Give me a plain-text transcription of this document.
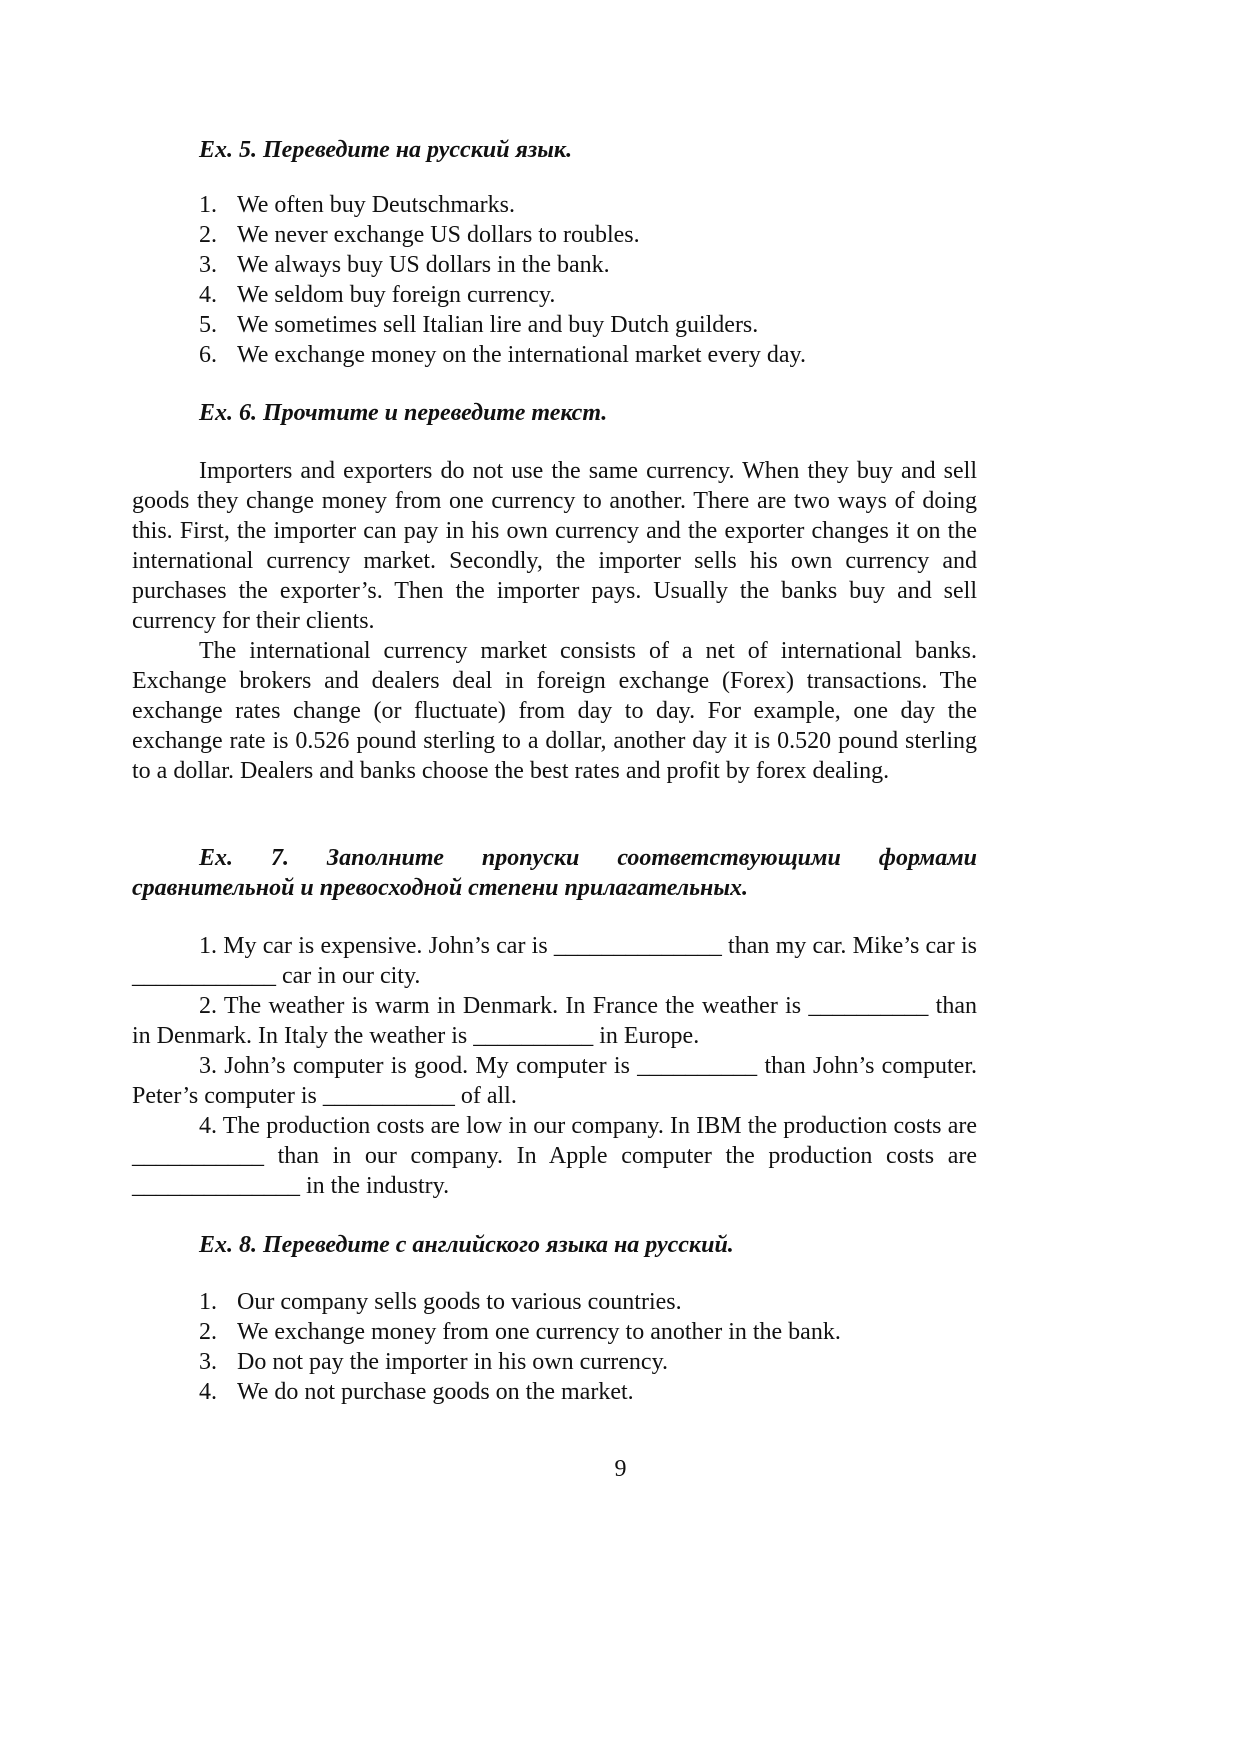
Ex. 5. Переведите на русский язык.
1. We often buy Deutschmarks.
2. We never exchange US dollars to roubles.
3. We always buy US dollars in the bank.
4. We seldom buy foreign currency.
5. We sometimes sell Italian lire and buy Dutch guilders.
6. We exchange money on the international market every day.
Ex. 6. Прочтите и переведите текст.

Importers and exporters do not use the same currency. When they buy and sell goods they change money from one currency to another. There are two ways of doing this. First, the importer can pay in his own currency and the exporter changes it on the international currency market. Secondly, the importer sells his own currency and purchases the exporter’s. Then the importer pays. Usually the banks buy and sell currency for their clients.

The international currency market consists of a net of international banks. Exchange brokers and dealers deal in foreign exchange (Forex) transactions. The exchange rates change (or fluctuate) from day to day. For example, one day the exchange rate is 0.526 pound sterling to a dollar, another day it is 0.520 pound sterling to a dollar. Dealers and banks choose the best rates and profit by forex dealing.

Ex. 7. Заполните пропуски соответствующими формами сравнительной и превосходной степени прилагательных.

1. My car is expensive. John’s car is ______________ than my car. Mike’s car is ____________ car in our city.

2. The weather is warm in Denmark. In France the weather is __________ than in Denmark. In Italy the weather is __________ in Europe.

3. John’s computer is good. My computer is __________ than John’s computer. Peter’s computer is ___________ of all.

4. The production costs are low in our company. In IBM the production costs are ___________ than in our company. In Apple computer the production costs are ______________ in the industry.

Ex. 8. Переведите с английского языка на русский.
1. Our company sells goods to various countries.
2. We exchange money from one currency to another in the bank.
3. Do not pay the importer in his own currency.
4. We do not purchase goods on the market.
9
